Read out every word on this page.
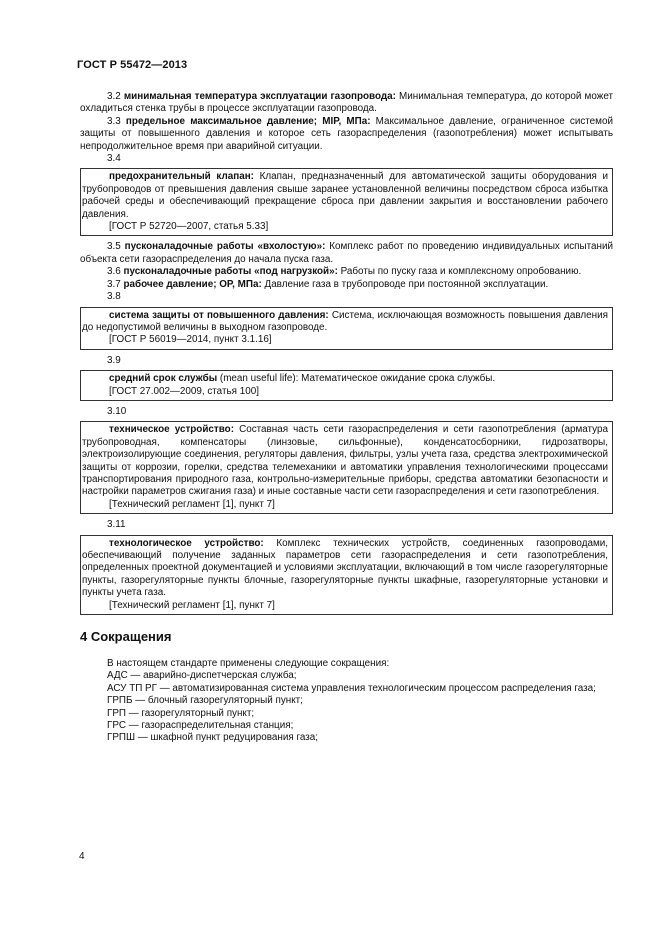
ГОСТ Р 55472—2013

3.2 минимальная температура эксплуатации газопровода: Минимальная температура, до которой может охладиться стенка трубы в процессе эксплуатации газопровода.

3.3 предельное максимальное давление; МIР, МПа: Максимальное давление, ограниченное системой защиты от повышенного давления и которое сеть газораспределения (газопотребления) может испытывать непродолжительное время при аварийной ситуации.

3.4

предохранительный клапан: Клапан, предназначенный для автоматической защиты оборудования и трубопроводов от превышения давления свыше заранее установленной величины посредством сброса избытка рабочей среды и обеспечивающий прекращение сброса при давлении закрытия и восстановлении рабочего давления.

[ГОСТ Р 52720—2007, статья 5.33]

3.5 пусконаладочные работы «вхолостую»: Комплекс работ по проведению индивидуальных испытаний объекта сети газораспределения до начала пуска газа.

3.6 пусконаладочные работы «под нагрузкой»: Работы по пуску газа и комплексному опробованию.

3.7 рабочее давление; ОР, МПа: Давление газа в трубопроводе при постоянной эксплуатации.

3.8

система защиты от повышенного давления: Система, исключающая возможность повышения давления до недопустимой величины в выходном газопроводе.

[ГОСТ Р 56019—2014, пункт 3.1.16]

3.9

средний срок службы (mean useful life): Математическое ожидание срока службы.

[ГОСТ 27.002—2009, статья 100]

3.10

техническое устройство: Составная часть сети газораспределения и сети газопотребления (арматура трубопроводная, компенсаторы (линзовые, сильфонные), конденсатосборники, гидрозатворы, электроизолирующие соединения, регуляторы давления, фильтры, узлы учета газа, средства электрохимической защиты от коррозии, горелки, средства телемеханики и автоматики управления технологическими процессами транспортирования природного газа, контрольно-измерительные приборы, средства автоматики безопасности и настройки параметров сжигания газа) и иные составные части сети газораспределения и сети газопотребления.

[Технический регламент [1], пункт 7]

3.11

технологическое устройство: Комплекс технических устройств, соединенных газопроводами, обеспечивающий получение заданных параметров сети газораспределения и сети газопотребления, определенных проектной документацией и условиями эксплуатации, включающий в том числе газорегуляторные пункты, газорегуляторные пункты блочные, газорегуляторные пункты шкафные, газорегуляторные установки и пункты учета газа.

[Технический регламент [1], пункт 7]

4 Сокращения

В настоящем стандарте применены следующие сокращения:

АДС — аварийно-диспетчерская служба;

АСУ ТП РГ — автоматизированная система управления технологическим процессом распределения газа;

ГРПБ — блочный газорегуляторный пункт;

ГРП — газорегуляторный пункт;

ГРС — газораспределительная станция;

ГРПШ — шкафной пункт редуцирования газа;

4
